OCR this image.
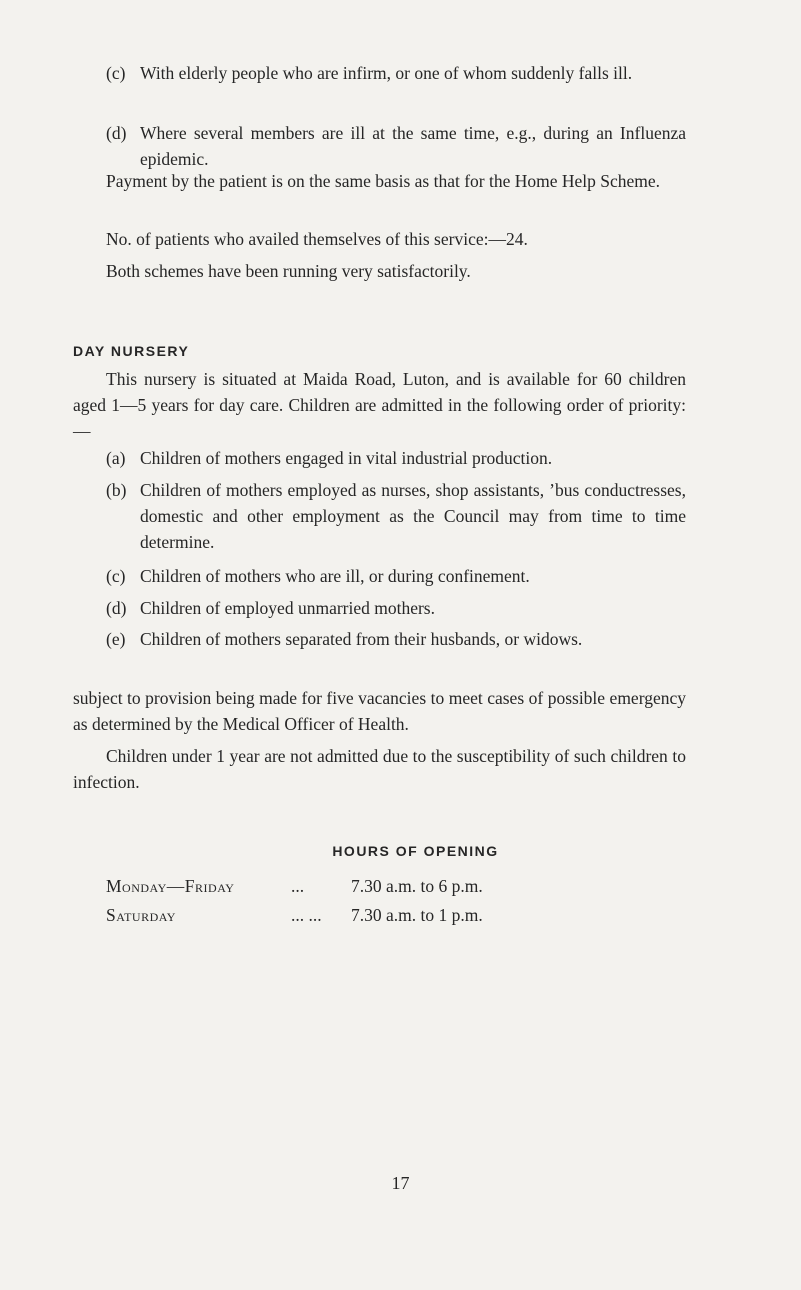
(c) With elderly people who are infirm, or one of whom suddenly falls ill.
(d) Where several members are ill at the same time, e.g., during an Influenza epidemic.
Payment by the patient is on the same basis as that for the Home Help Scheme.
No. of patients who availed themselves of this service:—24.
Both schemes have been running very satisfactorily.
DAY NURSERY
This nursery is situated at Maida Road, Luton, and is available for 60 children aged 1—5 years for day care. Children are admitted in the following order of priority:—
(a) Children of mothers engaged in vital industrial production.
(b) Children of mothers employed as nurses, shop assistants, ’bus conductresses, domestic and other employment as the Council may from time to time determine.
(c) Children of mothers who are ill, or during confinement.
(d) Children of employed unmarried mothers.
(e) Children of mothers separated from their husbands, or widows.
subject to provision being made for five vacancies to meet cases of possible emergency as determined by the Medical Officer of Health.
Children under 1 year are not admitted due to the susceptibility of such children to infection.
HOURS OF OPENING
Monday—Friday	...	7.30 a.m. to 6 p.m.
Saturday	... ... 7.30 a.m. to 1 p.m.
17
